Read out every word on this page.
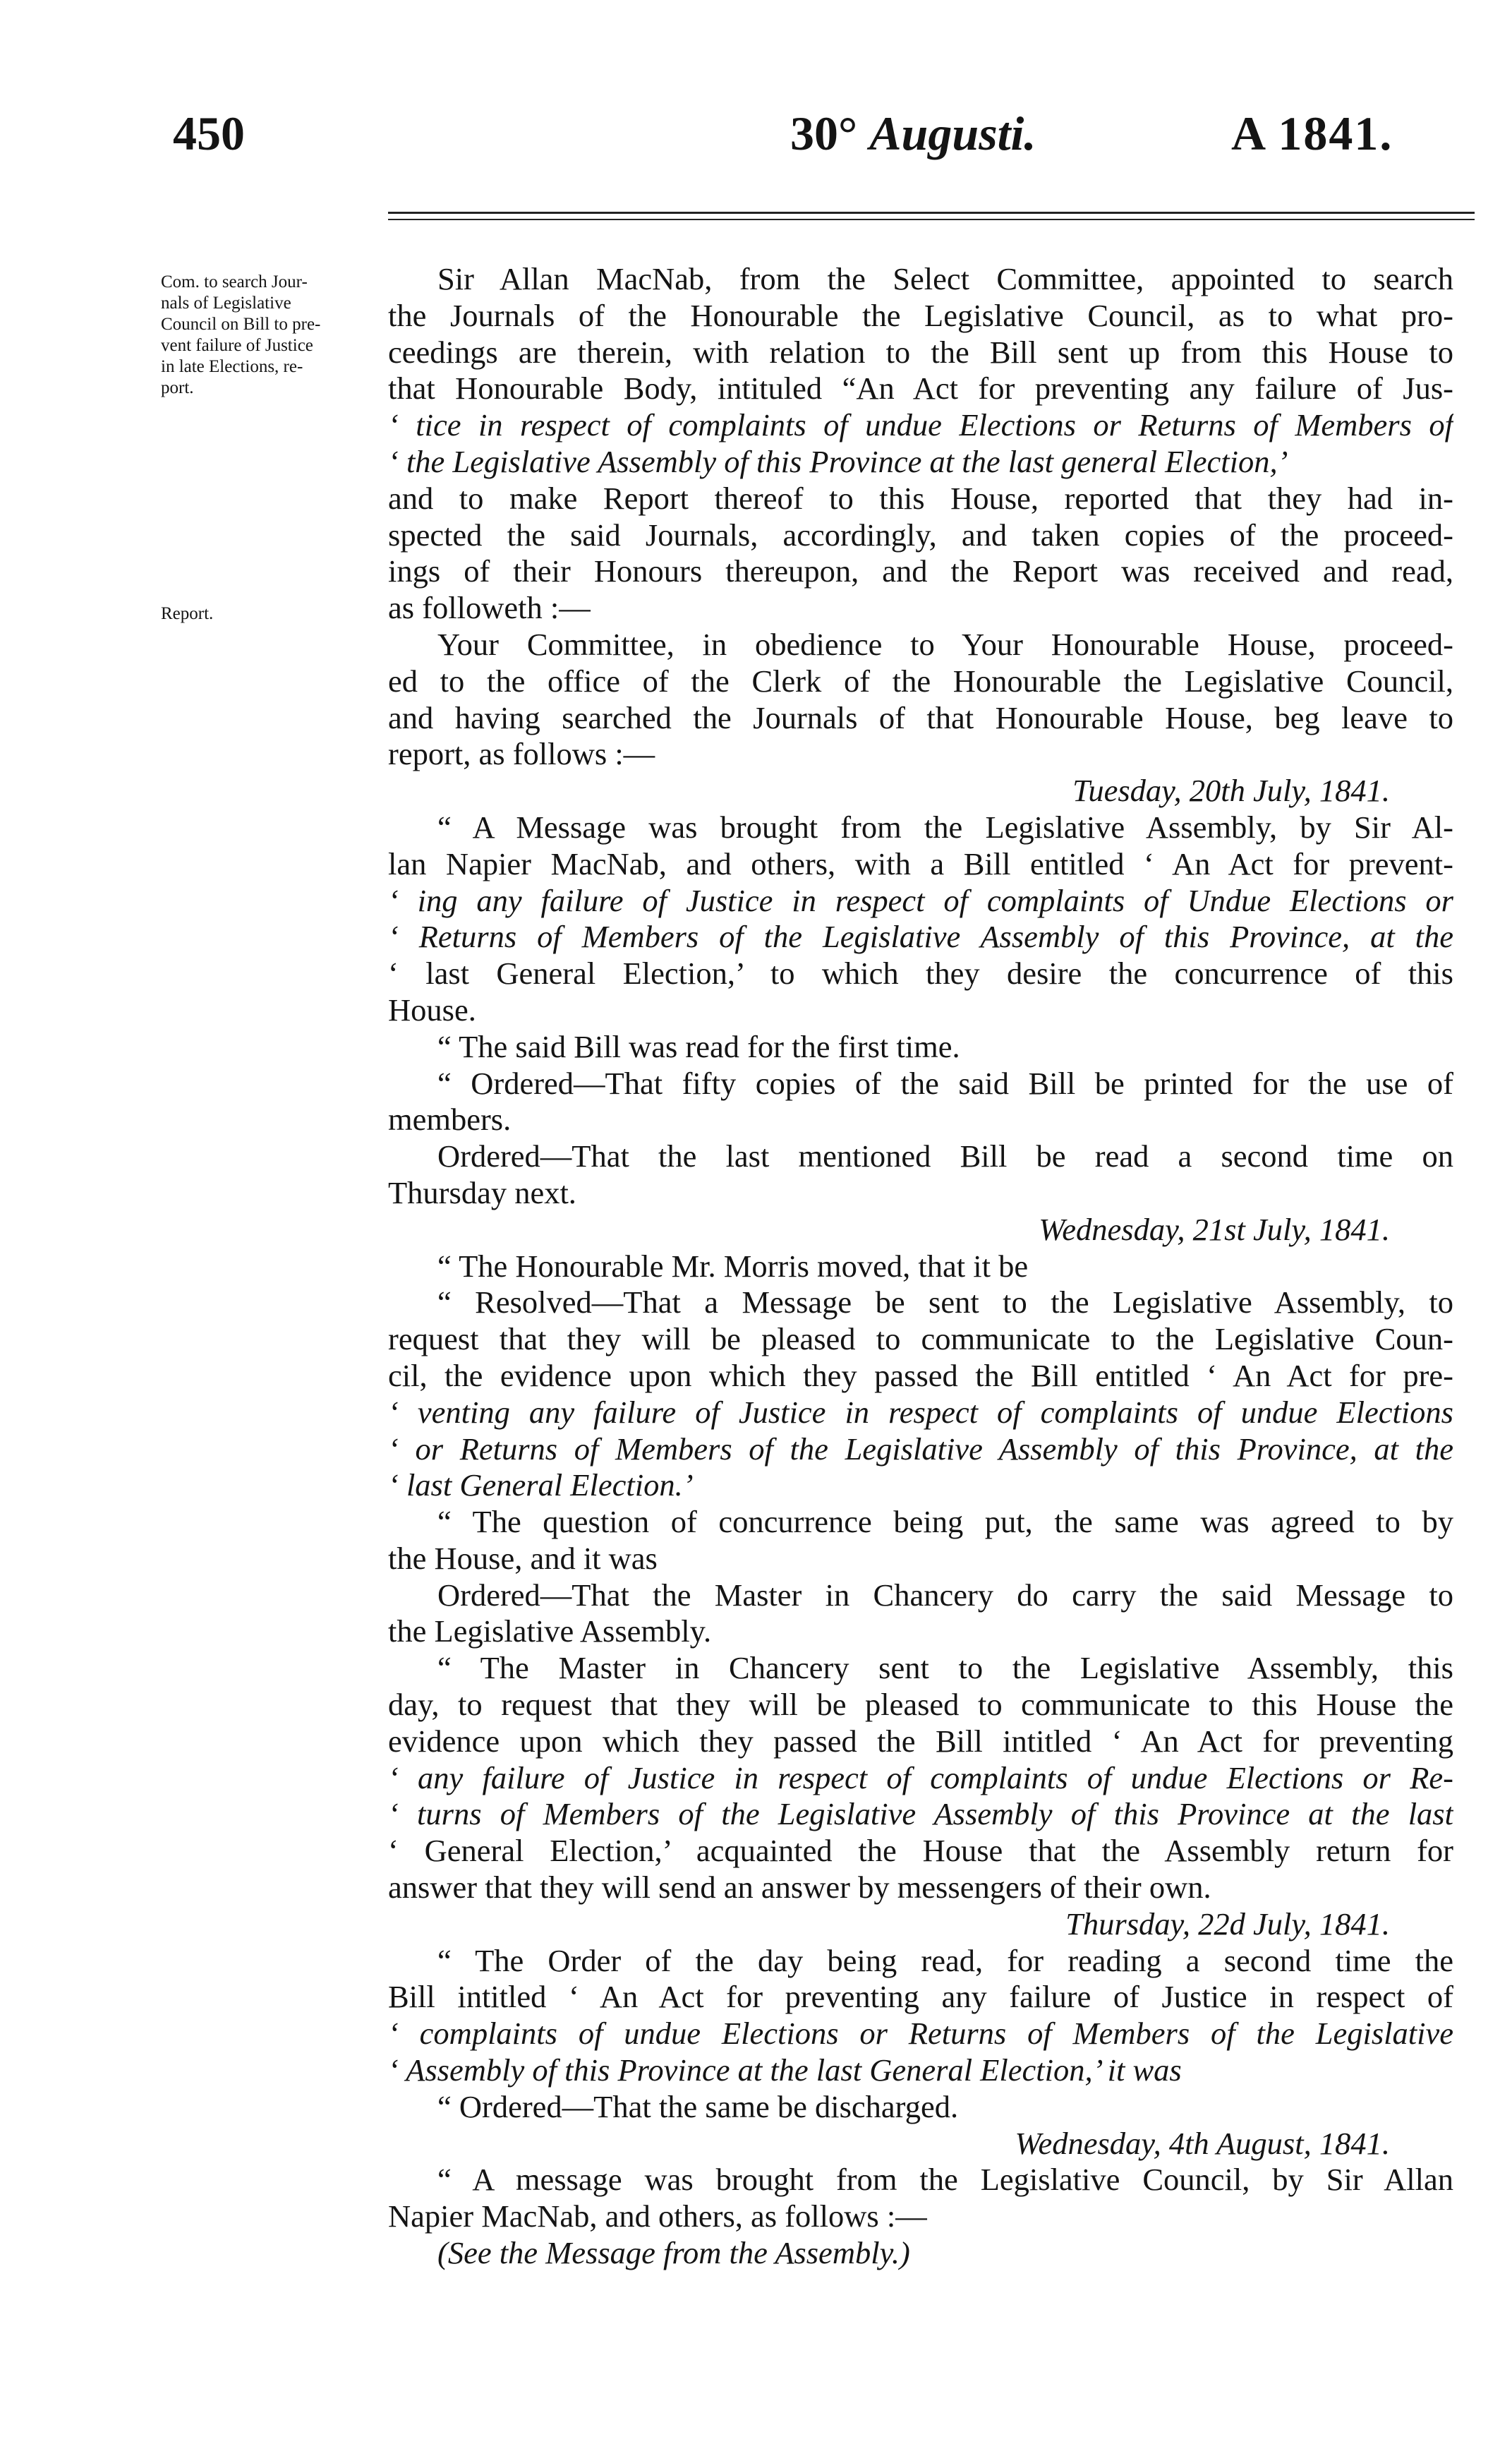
450	30° Augusti.	A 1841.
Com. to search Jour-
nals of Legislative
Council on Bill to pre-
vent failure of Justice
in late Elections, re-
port.
Report.
Sir Allan MacNab, from the Select Committee, appointed to search
the Journals of the Honourable the Legislative Council, as to what pro-
ceedings are therein, with relation to the Bill sent up from this House to
that Honourable Body, intituled “An Act for preventing any failure of Jus-
‘ tice in respect of complaints of undue Elections or Returns of Members of
‘ the Legislative Assembly of this Province at the last general Election,’
and to make Report thereof to this House, reported that they had in-
spected the said Journals, accordingly, and taken copies of the proceed-
ings of their Honours thereupon, and the Report was received and read,
as followeth :—
Your Committee, in obedience to Your Honourable House, proceed-
ed to the office of the Clerk of the Honourable the Legislative Council,
and having searched the Journals of that Honourable House, beg leave to
report, as follows :—
Tuesday, 20th July, 1841.
“ A Message was brought from the Legislative Assembly, by Sir Al-
lan Napier MacNab, and others, with a Bill entitled ‘ An Act for prevent-
‘ ing any failure of Justice in respect of complaints of Undue Elections or
‘ Returns of Members of the Legislative Assembly of this Province, at the
‘ last General Election,’ to which they desire the concurrence of this
House.
“ The said Bill was read for the first time.
“ Ordered—That fifty copies of the said Bill be printed for the use of
members.
Ordered—That the last mentioned Bill be read a second time on
Thursday next.
Wednesday, 21st July, 1841.
“ The Honourable Mr. Morris moved, that it be
“ Resolved—That a Message be sent to the Legislative Assembly, to
request that they will be pleased to communicate to the Legislative Coun-
cil, the evidence upon which they passed the Bill entitled ‘ An Act for pre-
‘ venting any failure of Justice in respect of complaints of undue Elections
‘ or Returns of Members of the Legislative Assembly of this Province, at the
‘ last General Election.’
“ The question of concurrence being put, the same was agreed to by
the House, and it was
Ordered—That the Master in Chancery do carry the said Message to
the Legislative Assembly.
“ The Master in Chancery sent to the Legislative Assembly, this
day, to request that they will be pleased to communicate to this House the
evidence upon which they passed the Bill intitled ‘ An Act for preventing
‘ any failure of Justice in respect of complaints of undue Elections or Re-
‘ turns of Members of the Legislative Assembly of this Province at the last
‘ General Election,’ acquainted the House that the Assembly return for
answer that they will send an answer by messengers of their own.
Thursday, 22d July, 1841.
“ The Order of the day being read, for reading a second time the
Bill intitled ‘ An Act for preventing any failure of Justice in respect of
‘ complaints of undue Elections or Returns of Members of the Legislative
‘ Assembly of this Province at the last General Election,’ it was
“ Ordered—That the same be discharged.
Wednesday, 4th August, 1841.
“ A message was brought from the Legislative Council, by Sir Allan
Napier MacNab, and others, as follows :—
(See the Message from the Assembly.)
